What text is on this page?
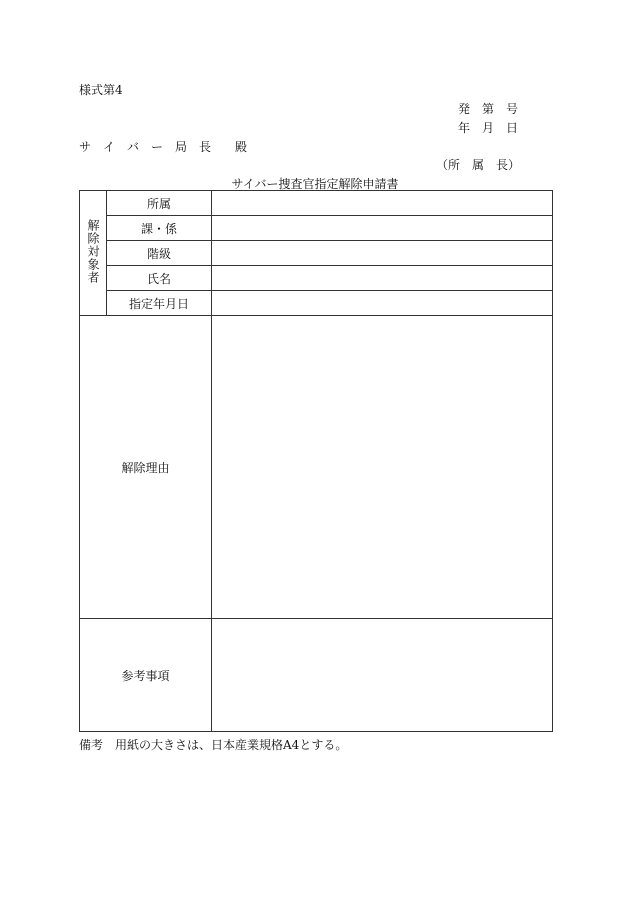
様式第4
発　第　号
年　月　日
サ　イ　バ　ー　局　長　　殿
（所　属　長）
サイバー捜査官指定解除申請書
解除対象者	所属	
	課・係	
	階級	
	氏名	
	指定年月日	
解除理由		
参考事項		
備考 用紙の大きさは、日本産業規格A4とする。
